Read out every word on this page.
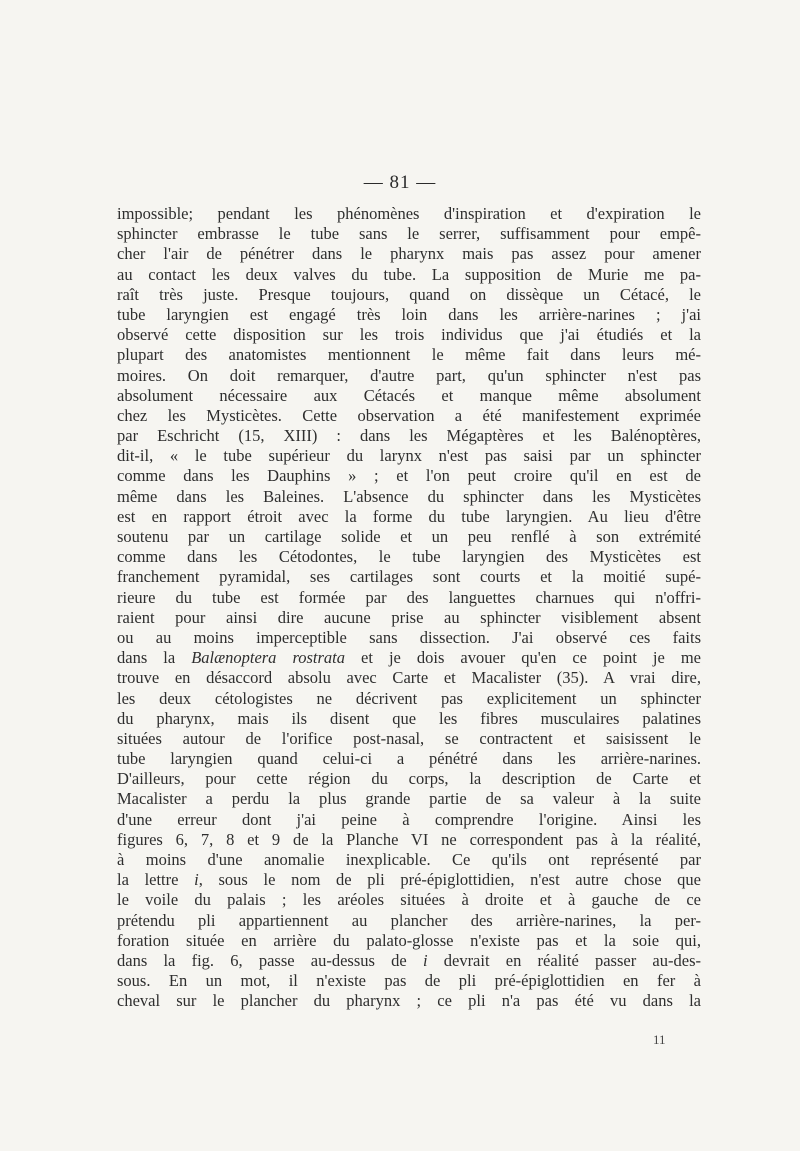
— 81 —
impossible; pendant les phénomènes d'inspiration et d'expiration le
sphincter embrasse le tube sans le serrer, suffisamment pour empê-
cher l'air de pénétrer dans le pharynx mais pas assez pour amener
au contact les deux valves du tube. La supposition de Murie me pa-
raît très juste. Presque toujours, quand on dissèque un Cétacé, le
tube laryngien est engagé très loin dans les arrière-narines ; j'ai
observé cette disposition sur les trois individus que j'ai étudiés et la
plupart des anatomistes mentionnent le même fait dans leurs mé-
moires. On doit remarquer, d'autre part, qu'un sphincter n'est pas
absolument nécessaire aux Cétacés et manque même absolument
chez les Mysticètes. Cette observation a été manifestement exprimée
par Eschricht (15, XIII) : dans les Mégaptères et les Balénoptères,
dit-il, « le tube supérieur du larynx n'est pas saisi par un sphincter
comme dans les Dauphins » ; et l'on peut croire qu'il en est de
même dans les Baleines. L'absence du sphincter dans les Mysticètes
est en rapport étroit avec la forme du tube laryngien. Au lieu d'être
soutenu par un cartilage solide et un peu renflé à son extrémité
comme dans les Cétodontes, le tube laryngien des Mysticètes est
franchement pyramidal, ses cartilages sont courts et la moitié supé-
rieure du tube est formée par des languettes charnues qui n'offri-
raient pour ainsi dire aucune prise au sphincter visiblement absent
ou au moins imperceptible sans dissection. J'ai observé ces faits
dans la Balænoptera rostrata et je dois avouer qu'en ce point je me
trouve en désaccord absolu avec Carte et Macalister (35). A vrai dire,
les deux cétologistes ne décrivent pas explicitement un sphincter
du pharynx, mais ils disent que les fibres musculaires palatines
situées autour de l'orifice post-nasal, se contractent et saisissent le
tube laryngien quand celui-ci a pénétré dans les arrière-narines.
D'ailleurs, pour cette région du corps, la description de Carte et
Macalister a perdu la plus grande partie de sa valeur à la suite
d'une erreur dont j'ai peine à comprendre l'origine. Ainsi les
figures 6, 7, 8 et 9 de la Planche VI ne correspondent pas à la réalité,
à moins d'une anomalie inexplicable. Ce qu'ils ont représenté par
la lettre i, sous le nom de pli pré-épiglottidien, n'est autre chose que
le voile du palais ; les aréoles situées à droite et à gauche de ce
prétendu pli appartiennent au plancher des arrière-narines, la per-
foration située en arrière du palato-glosse n'existe pas et la soie qui,
dans la fig. 6, passe au-dessus de i devrait en réalité passer au-des-
sous. En un mot, il n'existe pas de pli pré-épiglottidien en fer à
cheval sur le plancher du pharynx ; ce pli n'a pas été vu dans la
11
